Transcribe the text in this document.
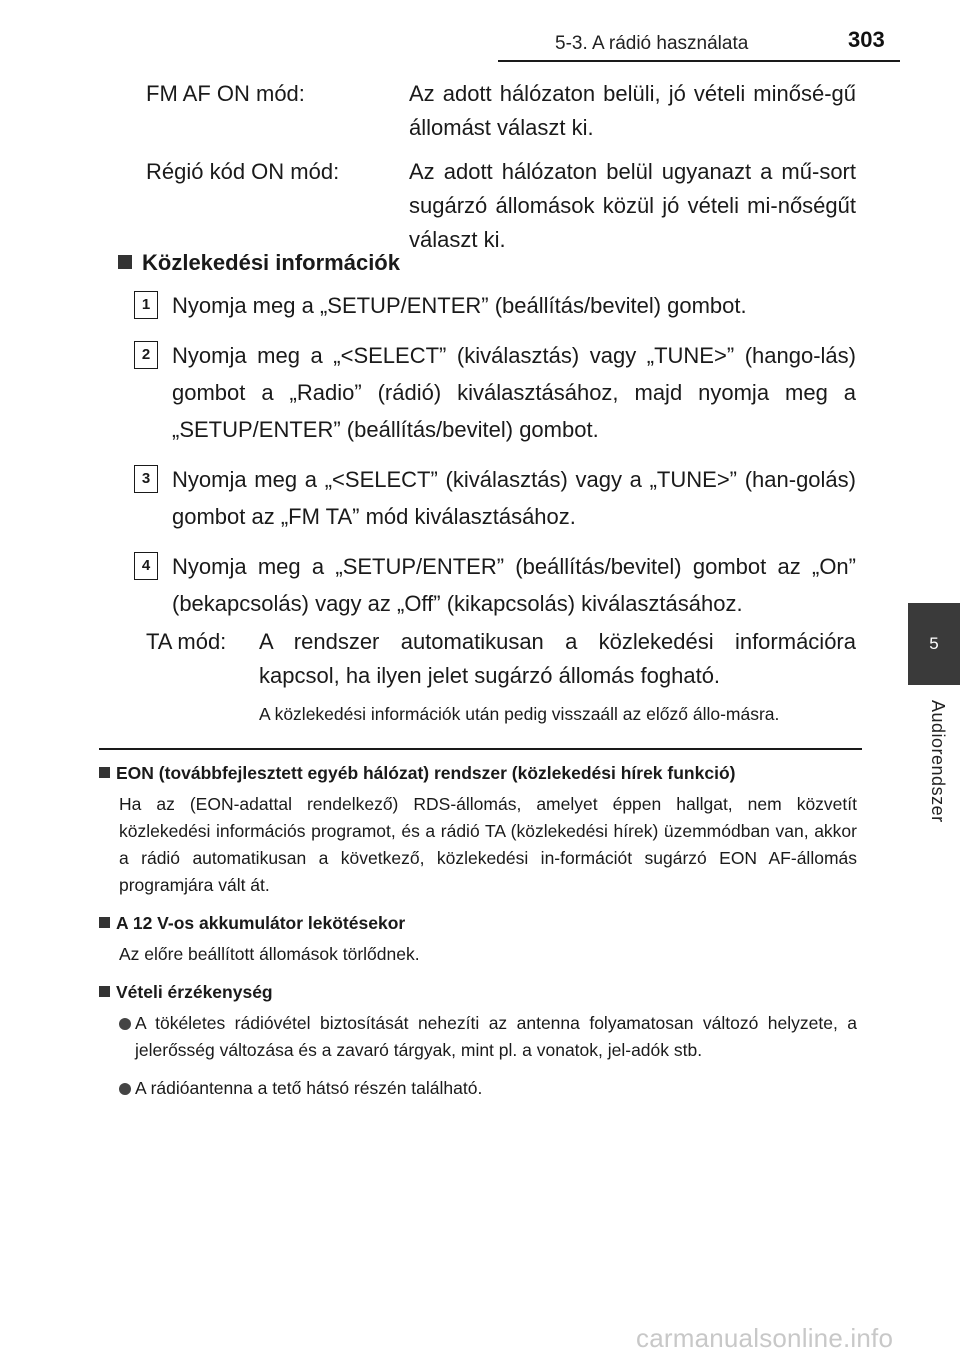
5-3. A rádió használata	303
5
Audiorendszer
FM AF ON mód:	Az adott hálózaton belüli, jó vételi minősé-gű állomást választ ki.
Régió kód ON mód:	Az adott hálózaton belül ugyanazt a mű-sort sugárzó állomások közül jó vételi mi-nőségűt választ ki.
Közlekedési információk
1 Nyomja meg a „SETUP/ENTER” (beállítás/bevitel) gombot.
2 Nyomja meg a „<SELECT” (kiválasztás) vagy „TUNE>” (hango-lás) gombot a „Radio” (rádió) kiválasztásához, majd nyomja meg a „SETUP/ENTER” (beállítás/bevitel) gombot.
3 Nyomja meg a „<SELECT” (kiválasztás) vagy a „TUNE>” (han-golás) gombot az „FM TA” mód kiválasztásához.
4 Nyomja meg a „SETUP/ENTER” (beállítás/bevitel) gombot az „On” (bekapcsolás) vagy az „Off” (kikapcsolás) kiválasztásához.
TA mód: A rendszer automatikusan a közlekedési információra kapcsol, ha ilyen jelet sugárzó állomás fogható.
A közlekedési információk után pedig visszaáll az előző állo-másra.
EON (továbbfejlesztett egyéb hálózat) rendszer (közlekedési hírek funkció)
Ha az (EON-adattal rendelkező) RDS-állomás, amelyet éppen hallgat, nem közvetít közlekedési információs programot, és a rádió TA (közlekedési hírek) üzemmódban van, akkor a rádió automatikusan a következő, közlekedési in-formációt sugárzó EON AF-állomás programjára vált át.
A 12 V-os akkumulátor lekötésekor
Az előre beállított állomások törlődnek.
Vételi érzékenység
A tökéletes rádióvétel biztosítását nehezíti az antenna folyamatosan változó helyzete, a jelerősség változása és a zavaró tárgyak, mint pl. a vonatok, jel-adók stb.
A rádióantenna a tető hátsó részén található.
carmanualsonline.info
